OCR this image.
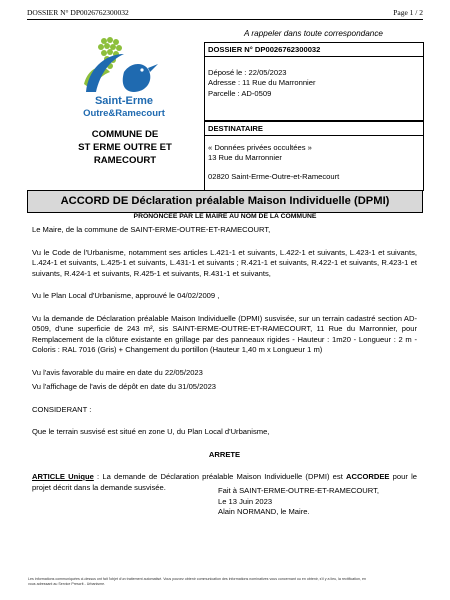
DOSSIER N° DP0026762300032	Page 1 / 2
Saint-Erme
Outre&Ramecourt
COMMUNE DE
ST ERME OUTRE ET
RAMECOURT
A rappeler dans toute correspondance
DOSSIER N° DP0026762300032
Déposé le : 22/05/2023
Adresse : 11 Rue du Marronnier
Parcelle : AD-0509
DESTINATAIRE
« Données privées occultées »
13 Rue du Marronnier
02820 Saint-Erme-Outre-et-Ramecourt
ACCORD DE Déclaration préalable Maison Individuelle (DPMI)
PRONONCEE PAR LE MAIRE AU NOM DE LA COMMUNE

Le Maire, de la commune de SAINT-ERME-OUTRE-ET-RAMECOURT,

Vu le Code de l'Urbanisme, notamment ses articles L.421-1 et suivants, L.422-1 et suivants, L.423-1 et suivants, L.424-1 et suivants, L.425-1 et suivants, L.431-1 et suivants ; R.421-1 et suivants, R.422-1 et suivants, R.423-1 et suivants, R.424-1 et suivants, R.425-1 et suivants, R.431-1 et suivants,

Vu le Plan Local d'Urbanisme, approuvé le 04/02/2009 ,

Vu la demande de Déclaration préalable Maison Individuelle (DPMI) susvisée, sur un terrain cadastré section AD-0509, d'une superficie de 243 m², sis SAINT-ERME-OUTRE-ET-RAMECOURT, 11 Rue du Marronnier, pour Remplacement de la clôture existante en grillage par des panneaux rigides - Hauteur : 1m20 - Longueur : 2 m - Coloris : RAL 7016 (Gris) + Changement du portillon (Hauteur 1,40 m x Longueur 1 m)

Vu l'avis favorable du maire en date du 22/05/2023

Vu l'affichage de l'avis de dépôt en date du 31/05/2023

CONSIDERANT :

Que le terrain susvisé est situé en zone U, du Plan Local d'Urbanisme,

ARRETE

ARTICLE Unique : La demande de Déclaration préalable Maison Individuelle (DPMI) est ACCORDEE pour le projet décrit dans la demande susvisée.	Fait à SAINT-ERME-OUTRE-ET-RAMECOURT,
Le 13 Juin 2023
Alain NORMAND, le Maire.
Les informations communiquées ci-dessus ont fait l'objet d'un traitement automatisé. Vous pouvez obtenir communication des informations nominatives vous concernant ou en obtenir, s'il y a lieu, la rectification, en
vous adressant au Service Prescrit - Urbanisme.
